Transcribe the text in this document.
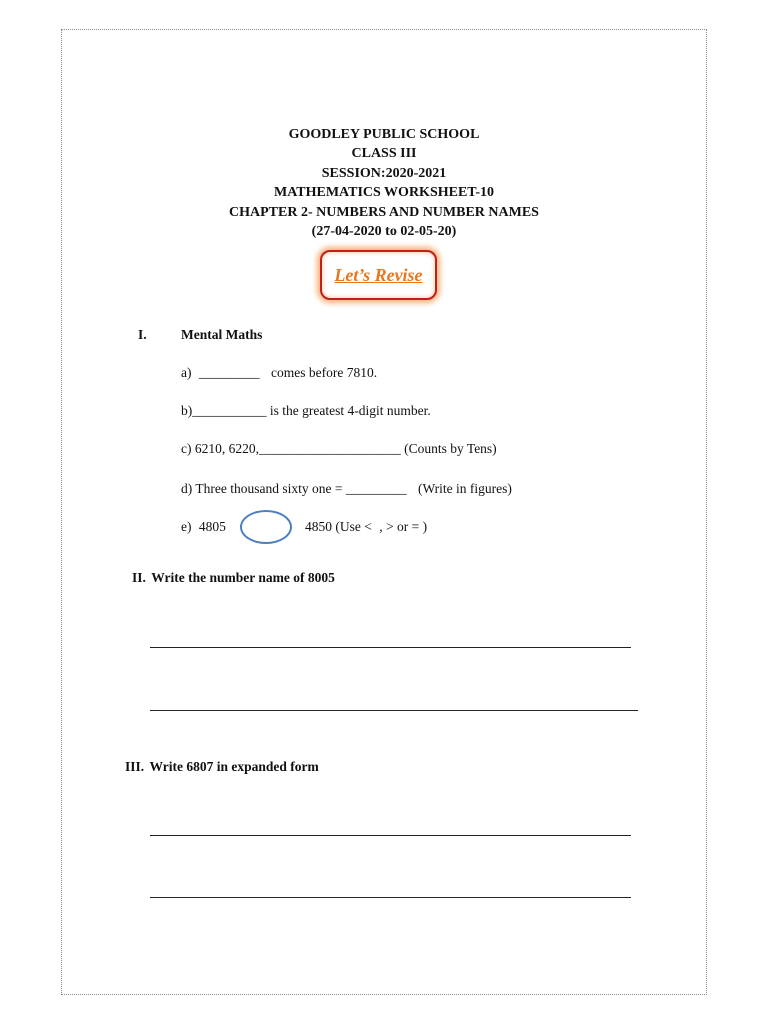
GOODLEY PUBLIC SCHOOL
CLASS III
SESSION:2020-2021
MATHEMATICS WORKSHEET-10
CHAPTER 2- NUMBERS AND NUMBER NAMES
(27-04-2020 to 02-05-20)
Let’s Revise
I.	Mental Maths
a) _________ comes before 7810.
b)___________ is the greatest 4-digit number.
c) 6210, 6220,_____________________ (Counts by Tens)
d) Three thousand sixty one = _________ (Write in figures)
e) 4805	4850 (Use < , > or = )
II. Write the number name of 8005
III. Write 6807 in expanded form
